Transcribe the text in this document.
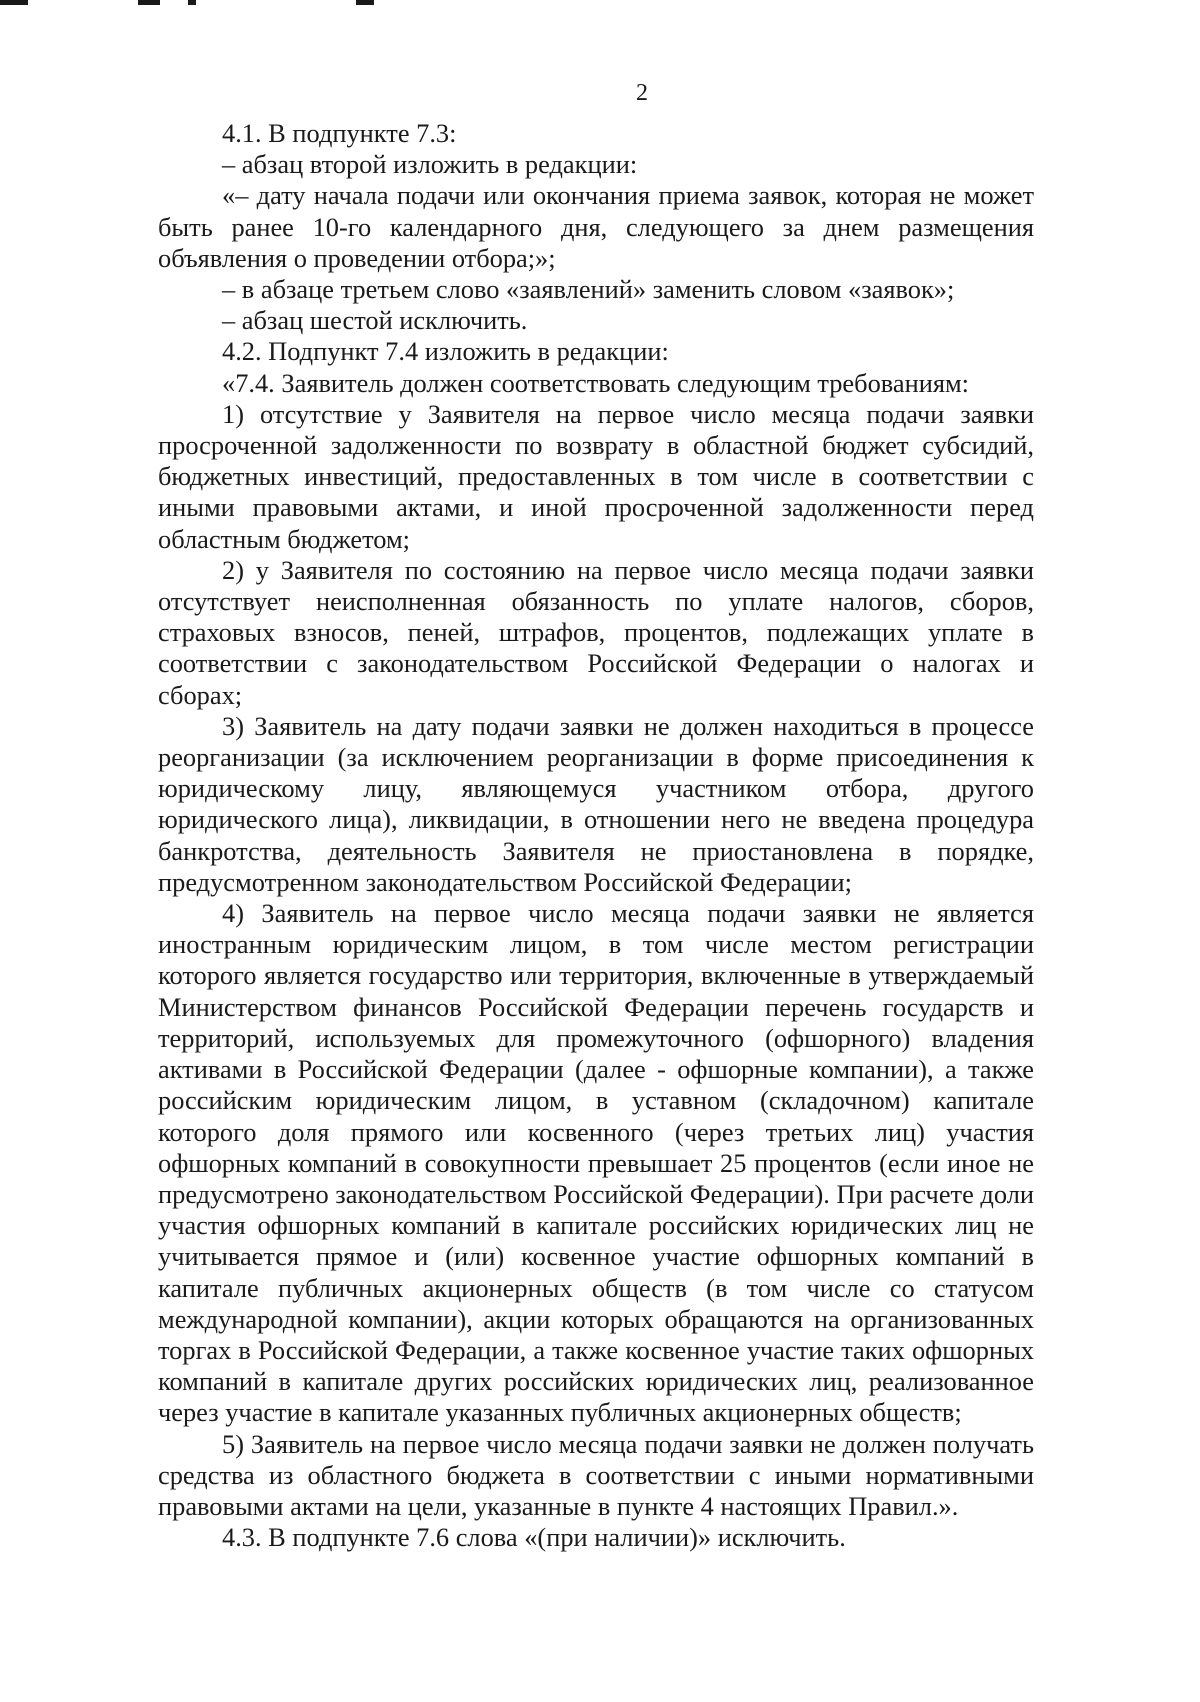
2

4.1. В подпункте 7.3:

– абзац второй изложить в редакции:

«– дату начала подачи или окончания приема заявок, которая не может быть ранее 10-го календарного дня, следующего за днем размещения объявления о проведении отбора;»;

– в абзаце третьем слово «заявлений» заменить словом «заявок»;

– абзац шестой исключить.

4.2. Подпункт 7.4 изложить в редакции:

«7.4. Заявитель должен соответствовать следующим требованиям:

1) отсутствие у Заявителя на первое число месяца подачи заявки просроченной задолженности по возврату в областной бюджет субсидий, бюджетных инвестиций, предоставленных в том числе в соответствии с иными правовыми актами, и иной просроченной задолженности перед областным бюджетом;

2) у Заявителя по состоянию на первое число месяца подачи заявки отсутствует неисполненная обязанность по уплате налогов, сборов, страховых взносов, пеней, штрафов, процентов, подлежащих уплате в соответствии с законодательством Российской Федерации о налогах и сборах;

3) Заявитель на дату подачи заявки не должен находиться в процессе реорганизации (за исключением реорганизации в форме присоединения к юридическому лицу, являющемуся участником отбора, другого юридического лица), ликвидации, в отношении него не введена процедура банкротства, деятельность Заявителя не приостановлена в порядке, предусмотренном законодательством Российской Федерации;

4) Заявитель на первое число месяца подачи заявки не является иностранным юридическим лицом, в том числе местом регистрации которого является государство или территория, включенные в утверждаемый Министерством финансов Российской Федерации перечень государств и территорий, используемых для промежуточного (офшорного) владения активами в Российской Федерации (далее - офшорные компании), а также российским юридическим лицом, в уставном (складочном) капитале которого доля прямого или косвенного (через третьих лиц) участия офшорных компаний в совокупности превышает 25 процентов (если иное не предусмотрено законодательством Российской Федерации). При расчете доли участия офшорных компаний в капитале российских юридических лиц не учитывается прямое и (или) косвенное участие офшорных компаний в капитале публичных акционерных обществ (в том числе со статусом международной компании), акции которых обращаются на организованных торгах в Российской Федерации, а также косвенное участие таких офшорных компаний в капитале других российских юридических лиц, реализованное через участие в капитале указанных публичных акционерных обществ;

5) Заявитель на первое число месяца подачи заявки не должен получать средства из областного бюджета в соответствии с иными нормативными правовыми актами на цели, указанные в пункте 4 настоящих Правил.».

4.3. В подпункте 7.6 слова «(при наличии)» исключить.
